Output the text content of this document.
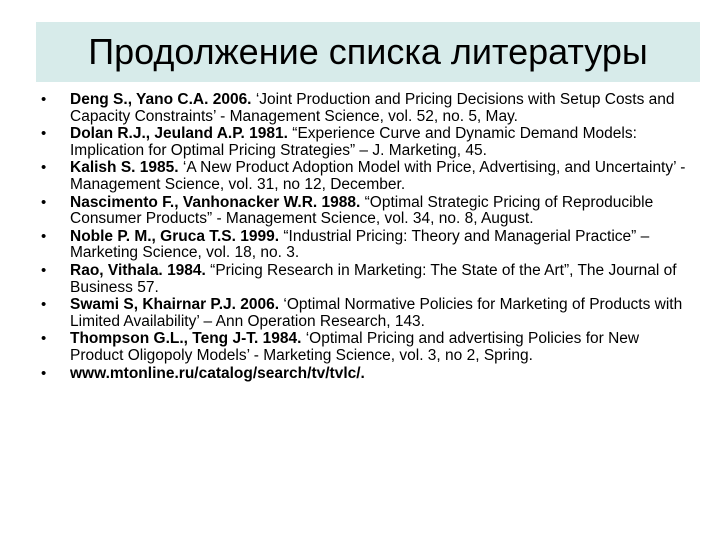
Продолжение списка литературы
• Deng S., Yano C.A. 2006. ‘Joint Production and Pricing Decisions with Setup Costs and Capacity Constraints’ - Management Science, vol. 52, no. 5, May.
• Dolan R.J., Jeuland A.P. 1981. “Experience Curve and Dynamic Demand Models: Implication for Optimal Pricing Strategies” – J. Marketing, 45.
• Kalish S. 1985. ‘A New Product Adoption Model with Price, Advertising, and Uncertainty’ - Management Science, vol. 31, no 12, December.
• Nascimento F., Vanhonacker W.R. 1988. “Optimal Strategic Pricing of Reproducible Consumer Products” - Management Science, vol. 34, no. 8, August.
• Noble P. M., Gruca T.S. 1999. “Industrial Pricing: Theory and Managerial Practice” – Marketing Science, vol. 18, no. 3.
• Rao, Vithala. 1984. “Pricing Research in Marketing: The State of the Art”, The Journal of Business 57.
• Swami S, Khairnar P.J. 2006. ‘Optimal Normative Policies for Marketing of Products with Limited Availability’ – Ann Operation Research, 143.
• Thompson G.L., Teng J-T. 1984. ‘Optimal Pricing and advertising Policies for New Product Oligopoly Models’ - Marketing Science, vol. 3, no 2, Spring.
• www.mtonline.ru/catalog/search/tv/tvlc/.
